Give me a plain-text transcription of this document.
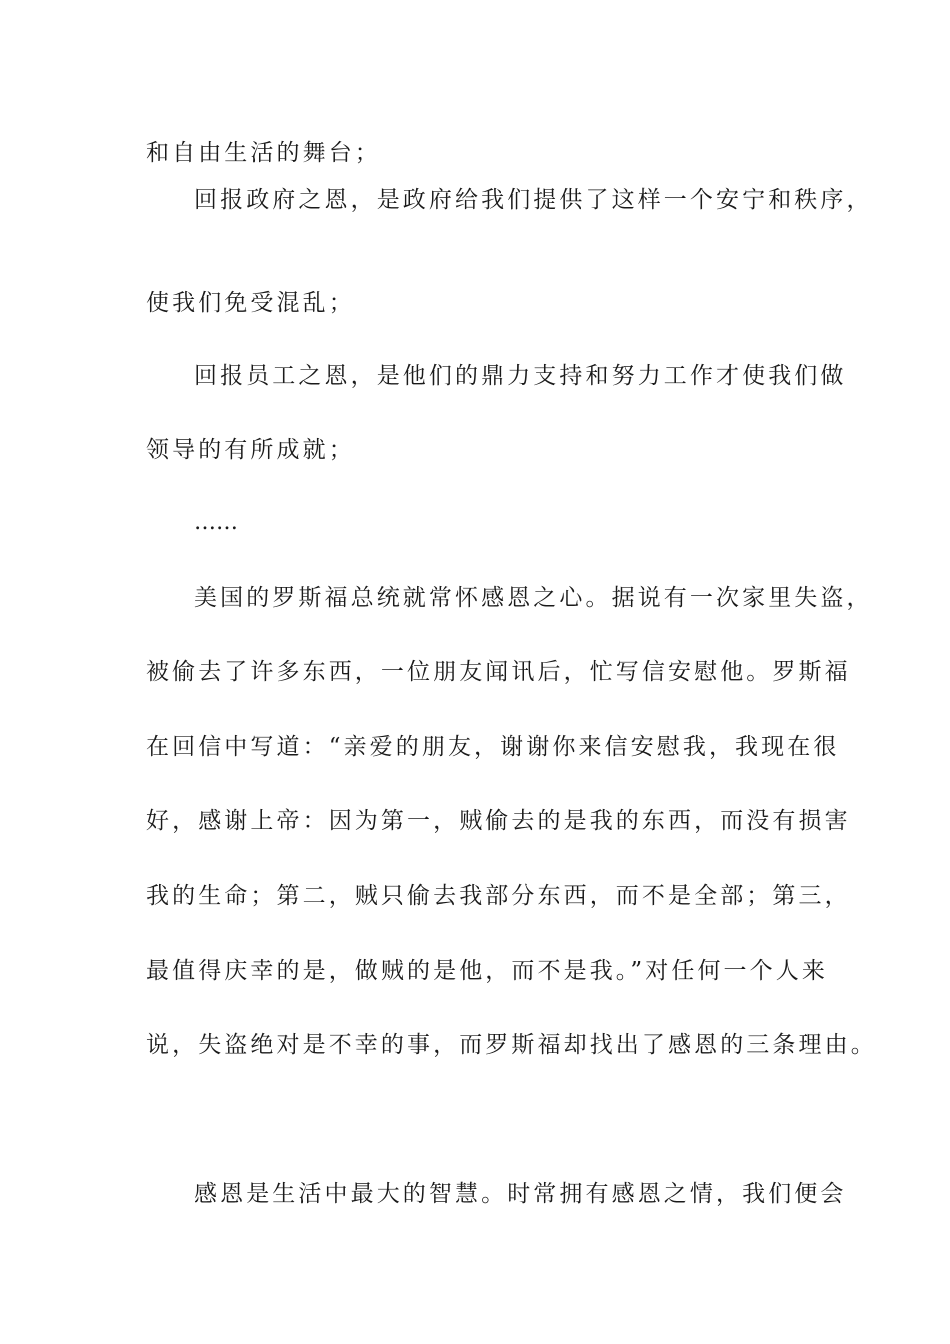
和自由生活的舞台；
回报政府之恩，是政府给我们提供了这样一个安宁和秩序，
使我们免受混乱；
回报员工之恩，是他们的鼎力支持和努力工作才使我们做
领导的有所成就；
……
美国的罗斯福总统就常怀感恩之心。据说有一次家里失盗，
被偷去了许多东西，一位朋友闻讯后，忙写信安慰他。罗斯福
在回信中写道：“亲爱的朋友，谢谢你来信安慰我，我现在很
好，感谢上帝：因为第一，贼偷去的是我的东西，而没有损害
我的生命；第二，贼只偷去我部分东西，而不是全部；第三，
最值得庆幸的是，做贼的是他，而不是我。”对任何一个人来
说，失盗绝对是不幸的事，而罗斯福却找出了感恩的三条理由。
感恩是生活中最大的智慧。时常拥有感恩之情，我们便会
